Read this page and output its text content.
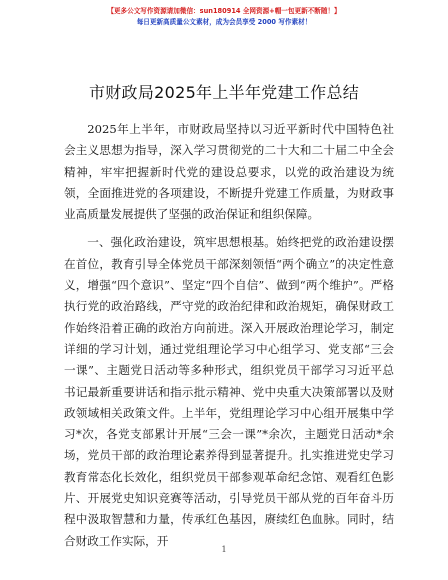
【更多公文写作资源请加微信：sun180914 全网资源+帽一包更新不断随！】
每日更新高质量公文素材，成为会员享受 2000 写作素材！
市财政局2025年上半年党建工作总结

2025年上半年，市财政局坚持以习近平新时代中国特色社会主义思想为指导，深入学习贯彻党的二十大和二十届二中全会精神，牢牢把握新时代党的建设总要求，以党的政治建设为统领，全面推进党的各项建设，不断提升党建工作质量，为财政事业高质量发展提供了坚强的政治保证和组织保障。

一、强化政治建设，筑牢思想根基。始终把党的政治建设摆在首位，教育引导全体党员干部深刻领悟“两个确立”的决定性意义，增强“四个意识”、坚定“四个自信”、做到“两个维护”。严格执行党的政治路线，严守党的政治纪律和政治规矩，确保财政工作始终沿着正确的政治方向前进。深入开展政治理论学习，制定详细的学习计划，通过党组理论学习中心组学习、党支部“三会一课”、主题党日活动等多种形式，组织党员干部学习习近平总书记最新重要讲话和指示批示精神、党中央重大决策部署以及财政领域相关政策文件。上半年，党组理论学习中心组开展集中学习*次，各党支部累计开展“三会一课”*余次，主题党日活动*余场，党员干部的政治理论素养得到显著提升。扎实推进党史学习教育常态化长效化，组织党员干部参观革命纪念馆、观看红色影片、开展党史知识竞赛等活动，引导党员干部从党的百年奋斗历程中汲取智慧和力量，传承红色基因，赓续红色血脉。同时，结合财政工作实际，开

1
